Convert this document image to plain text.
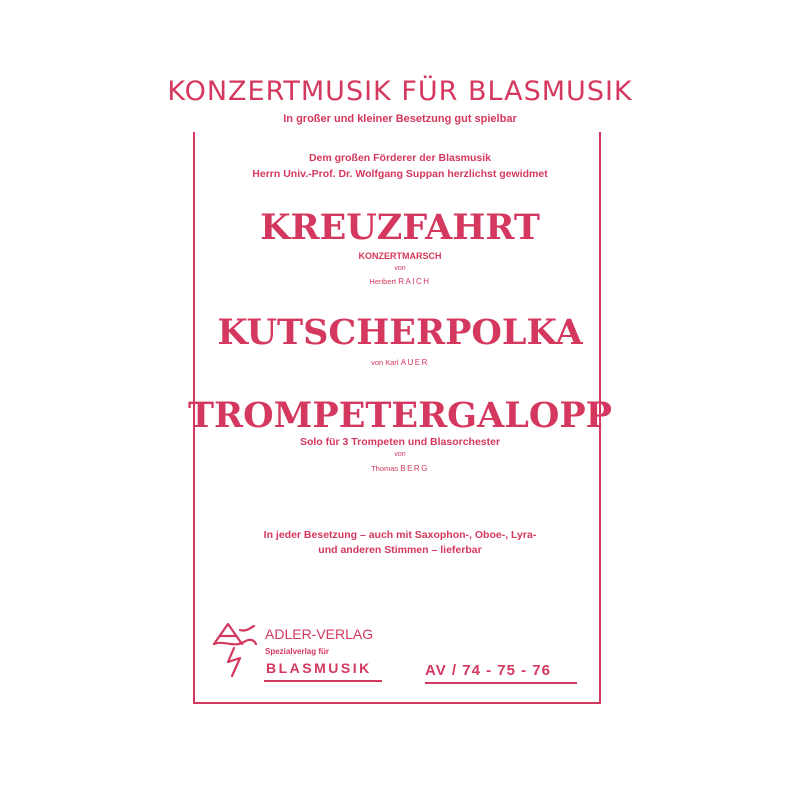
KONZERTMUSIK FÜR BLASMUSIK
In großer und kleiner Besetzung gut spielbar
Dem großen Förderer der Blasmusik
Herrn Univ.-Prof. Dr. Wolfgang Suppan herzlichst gewidmet
KREUZFAHRT
KONZERTMARSCH
von
Heribert RAICH
KUTSCHERPOLKA
von Karl AUER
TROMPETERGALOPP
Solo für 3 Trompeten und Blasorchester
von
Thomas BERG
In jeder Besetzung – auch mit Saxophon-, Oboe-, Lyra-
und anderen Stimmen – lieferbar
ADLER-VERLAG
Spezialverlag für
BLASMUSIK	AV / 74 - 75 - 76
